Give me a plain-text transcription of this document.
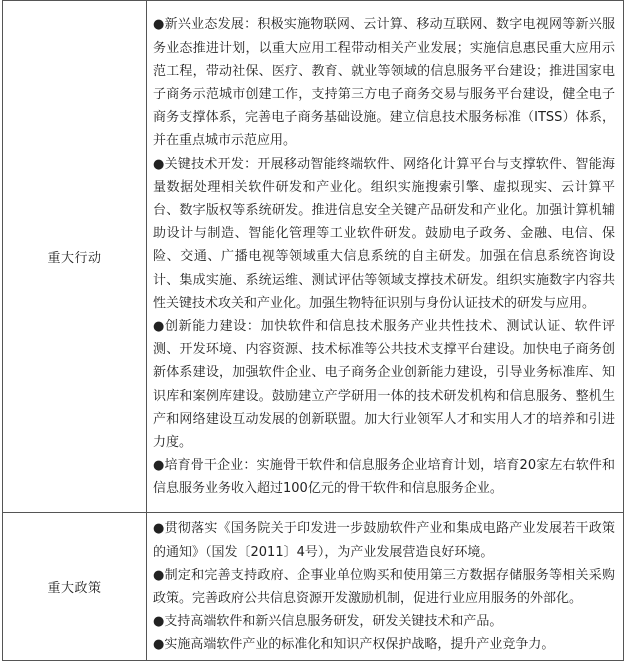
重大行动	●新兴业态发展：积极实施物联网、云计算、移动互联网、数字电视网等新兴服务业态推进计划，以重大应用工程带动相关产业发展；实施信息惠民重大应用示范工程，带动社保、医疗、教育、就业等领域的信息服务平台建设；推进国家电子商务示范城市创建工作，支持第三方电子商务交易与服务平台建设，健全电子商务支撑体系，完善电子商务基础设施。建立信息技术服务标准（ITSS）体系，并在重点城市示范应用。

●关键技术开发：开展移动智能终端软件、网络化计算平台与支撑软件、智能海量数据处理相关软件研发和产业化。组织实施搜索引擎、虚拟现实、云计算平台、数字版权等系统研发。推进信息安全关键产品研发和产业化。加强计算机辅助设计与制造、智能化管理等工业软件研发。鼓励电子政务、金融、电信、保险、交通、广播电视等领域重大信息系统的自主研发。加强在信息系统咨询设计、集成实施、系统运维、测试评估等领域支撑技术研发。组织实施数字内容共性关键技术攻关和产业化。加强生物特征识别与身份认证技术的研发与应用。

●创新能力建设：加快软件和信息技术服务产业共性技术、测试认证、软件评测、开发环境、内容资源、技术标准等公共技术支撑平台建设。加快电子商务创新体系建设，加强软件企业、电子商务企业创新能力建设，引导业务标准库、知识库和案例库建设。鼓励建立产学研用一体的技术研发机构和信息服务、整机生产和网络建设互动发展的创新联盟。加大行业领军人才和实用人才的培养和引进力度。

●培育骨干企业：实施骨干软件和信息服务企业培育计划，培育20家左右软件和信息服务业务收入超过100亿元的骨干软件和信息服务企业。

重大政策	●贯彻落实《国务院关于印发进一步鼓励软件产业和集成电路产业发展若干政策的通知》（国发〔2011〕4号），为产业发展营造良好环境。

●制定和完善支持政府、企事业单位购买和使用第三方数据存储服务等相关采购政策。完善政府公共信息资源开发激励机制，促进行业应用服务的外部化。

●支持高端软件和新兴信息服务研发，研发关键技术和产品。

●实施高端软件产业的标准化和知识产权保护战略，提升产业竞争力。
